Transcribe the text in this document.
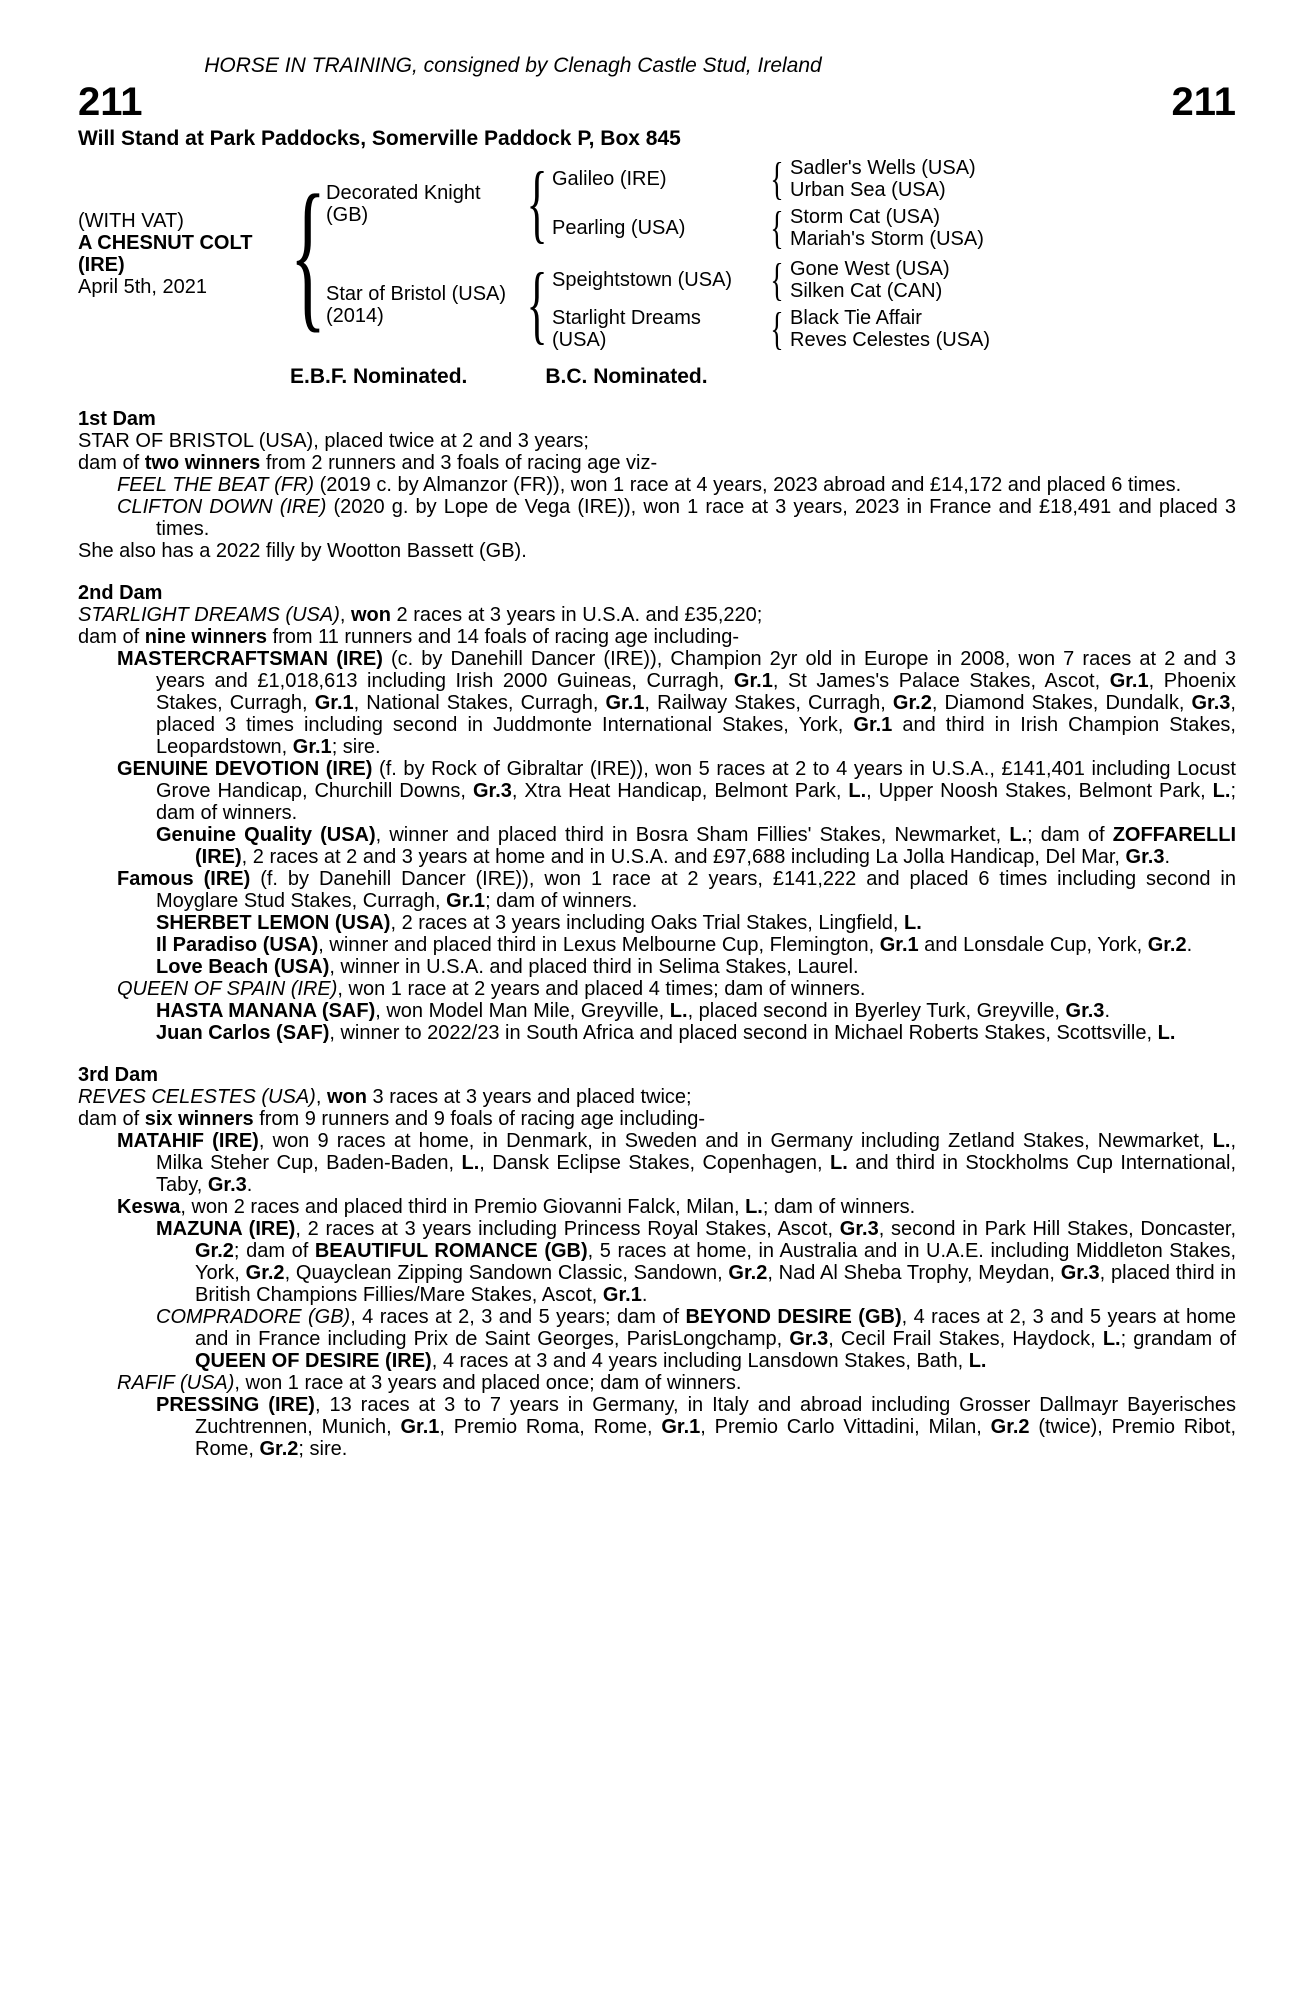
HORSE IN TRAINING, consigned by Clenagh Castle Stud, Ireland
211	211
Will Stand at Park Paddocks, Somerville Paddock P, Box 845
(WITH VAT)
A CHESNUT COLT
(IRE)
April 5th, 2021
{
Decorated Knight
(GB)
{
Galileo (IRE) {	Sadler's Wells (USA)
Urban Sea (USA)
Pearling (USA) {	Storm Cat (USA)
Mariah's Storm (USA)
Star of Bristol (USA)
(2014)
{
Speightstown (USA) {	Gone West (USA)
Silken Cat (CAN)
Starlight Dreams
(USA)
{
Black Tie Affair
Reves Celestes (USA)
E.B.F. Nominated.	B.C. Nominated.
1st Dam
STAR OF BRISTOL (USA), placed twice at 2 and 3 years;
dam of two winners from 2 runners and 3 foals of racing age viz-
FEEL THE BEAT (FR) (2019 c. by Almanzor (FR)), won 1 race at 4 years, 2023 abroad and £14,172 and placed 6 times.
CLIFTON DOWN (IRE) (2020 g. by Lope de Vega (IRE)), won 1 race at 3 years, 2023 in France and £18,491 and placed 3 times.
She also has a 2022 filly by Wootton Bassett (GB).
2nd Dam
STARLIGHT DREAMS (USA), won 2 races at 3 years in U.S.A. and £35,220;
dam of nine winners from 11 runners and 14 foals of racing age including-
MASTERCRAFTSMAN (IRE) (c. by Danehill Dancer (IRE)), Champion 2yr old in Europe in 2008, won 7 races at 2 and 3 years and £1,018,613 including Irish 2000 Guineas, Curragh, Gr.1, St James's Palace Stakes, Ascot, Gr.1, Phoenix Stakes, Curragh, Gr.1, National Stakes, Curragh, Gr.1, Railway Stakes, Curragh, Gr.2, Diamond Stakes, Dundalk, Gr.3, placed 3 times including second in Juddmonte International Stakes, York, Gr.1 and third in Irish Champion Stakes, Leopardstown, Gr.1; sire.
GENUINE DEVOTION (IRE) (f. by Rock of Gibraltar (IRE)), won 5 races at 2 to 4 years in U.S.A., £141,401 including Locust Grove Handicap, Churchill Downs, Gr.3, Xtra Heat Handicap, Belmont Park, L., Upper Noosh Stakes, Belmont Park, L.; dam of winners.
Genuine Quality (USA), winner and placed third in Bosra Sham Fillies' Stakes, Newmarket, L.; dam of ZOFFARELLI (IRE), 2 races at 2 and 3 years at home and in U.S.A. and £97,688 including La Jolla Handicap, Del Mar, Gr.3.
Famous (IRE) (f. by Danehill Dancer (IRE)), won 1 race at 2 years, £141,222 and placed 6 times including second in Moyglare Stud Stakes, Curragh, Gr.1; dam of winners.
SHERBET LEMON (USA), 2 races at 3 years including Oaks Trial Stakes, Lingfield, L.
Il Paradiso (USA), winner and placed third in Lexus Melbourne Cup, Flemington, Gr.1 and Lonsdale Cup, York, Gr.2.
Love Beach (USA), winner in U.S.A. and placed third in Selima Stakes, Laurel.
QUEEN OF SPAIN (IRE), won 1 race at 2 years and placed 4 times; dam of winners.
HASTA MANANA (SAF), won Model Man Mile, Greyville, L., placed second in Byerley Turk, Greyville, Gr.3.
Juan Carlos (SAF), winner to 2022/23 in South Africa and placed second in Michael Roberts Stakes, Scottsville, L.
3rd Dam
REVES CELESTES (USA), won 3 races at 3 years and placed twice;
dam of six winners from 9 runners and 9 foals of racing age including-
MATAHIF (IRE), won 9 races at home, in Denmark, in Sweden and in Germany including Zetland Stakes, Newmarket, L., Milka Steher Cup, Baden-Baden, L., Dansk Eclipse Stakes, Copenhagen, L. and third in Stockholms Cup International, Taby, Gr.3.
Keswa, won 2 races and placed third in Premio Giovanni Falck, Milan, L.; dam of winners.
MAZUNA (IRE), 2 races at 3 years including Princess Royal Stakes, Ascot, Gr.3, second in Park Hill Stakes, Doncaster, Gr.2; dam of BEAUTIFUL ROMANCE (GB), 5 races at home, in Australia and in U.A.E. including Middleton Stakes, York, Gr.2, Quayclean Zipping Sandown Classic, Sandown, Gr.2, Nad Al Sheba Trophy, Meydan, Gr.3, placed third in British Champions Fillies/Mare Stakes, Ascot, Gr.1.
COMPRADORE (GB), 4 races at 2, 3 and 5 years; dam of BEYOND DESIRE (GB), 4 races at 2, 3 and 5 years at home and in France including Prix de Saint Georges, ParisLongchamp, Gr.3, Cecil Frail Stakes, Haydock, L.; grandam of QUEEN OF DESIRE (IRE), 4 races at 3 and 4 years including Lansdown Stakes, Bath, L.
RAFIF (USA), won 1 race at 3 years and placed once; dam of winners.
PRESSING (IRE), 13 races at 3 to 7 years in Germany, in Italy and abroad including Grosser Dallmayr Bayerisches Zuchtrennen, Munich, Gr.1, Premio Roma, Rome, Gr.1, Premio Carlo Vittadini, Milan, Gr.2 (twice), Premio Ribot, Rome, Gr.2; sire.
